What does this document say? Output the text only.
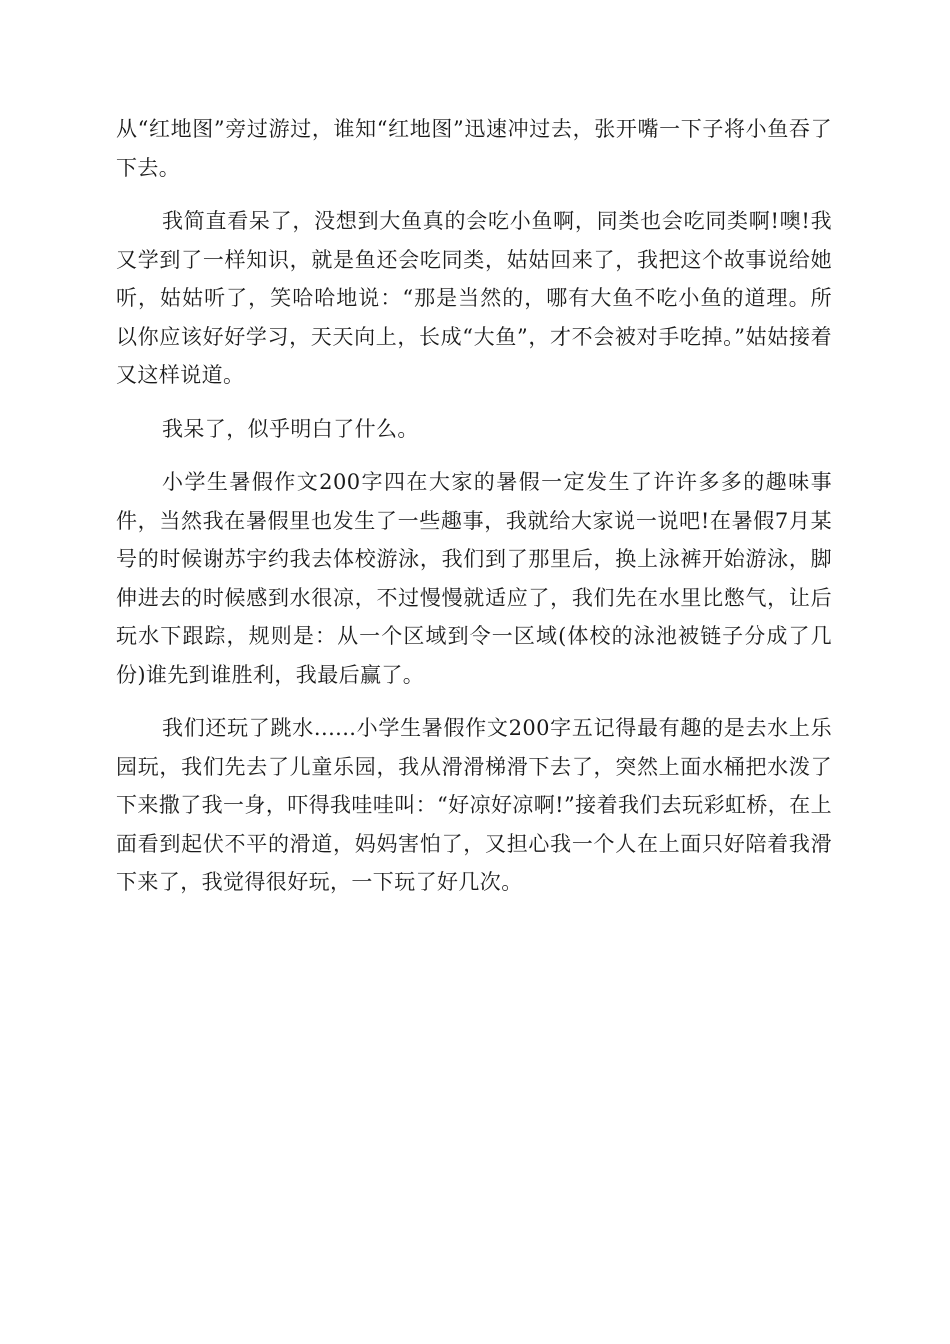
从“红地图”旁过游过，谁知“红地图”迅速冲过去，张开嘴一下子将小鱼吞了下去。

我简直看呆了，没想到大鱼真的会吃小鱼啊，同类也会吃同类啊!噢!我又学到了一样知识，就是鱼还会吃同类，姑姑回来了，我把这个故事说给她听，姑姑听了，笑哈哈地说：“那是当然的，哪有大鱼不吃小鱼的道理。所以你应该好好学习，天天向上，长成“大鱼”，才不会被对手吃掉。”姑姑接着又这样说道。

我呆了，似乎明白了什么。

小学生暑假作文200字四在大家的暑假一定发生了许许多多的趣味事件，当然我在暑假里也发生了一些趣事，我就给大家说一说吧!在暑假7月某号的时候谢苏宇约我去体校游泳，我们到了那里后，换上泳裤开始游泳，脚伸进去的时候感到水很凉，不过慢慢就适应了，我们先在水里比憋气，让后玩水下跟踪，规则是：从一个区域到令一区域(体校的泳池被链子分成了几份)谁先到谁胜利，我最后赢了。

我们还玩了跳水......小学生暑假作文200字五记得最有趣的是去水上乐园玩，我们先去了儿童乐园，我从滑滑梯滑下去了，突然上面水桶把水泼了下来撒了我一身，吓得我哇哇叫：“好凉好凉啊!”接着我们去玩彩虹桥，在上面看到起伏不平的滑道，妈妈害怕了，又担心我一个人在上面只好陪着我滑下来了，我觉得很好玩，一下玩了好几次。
